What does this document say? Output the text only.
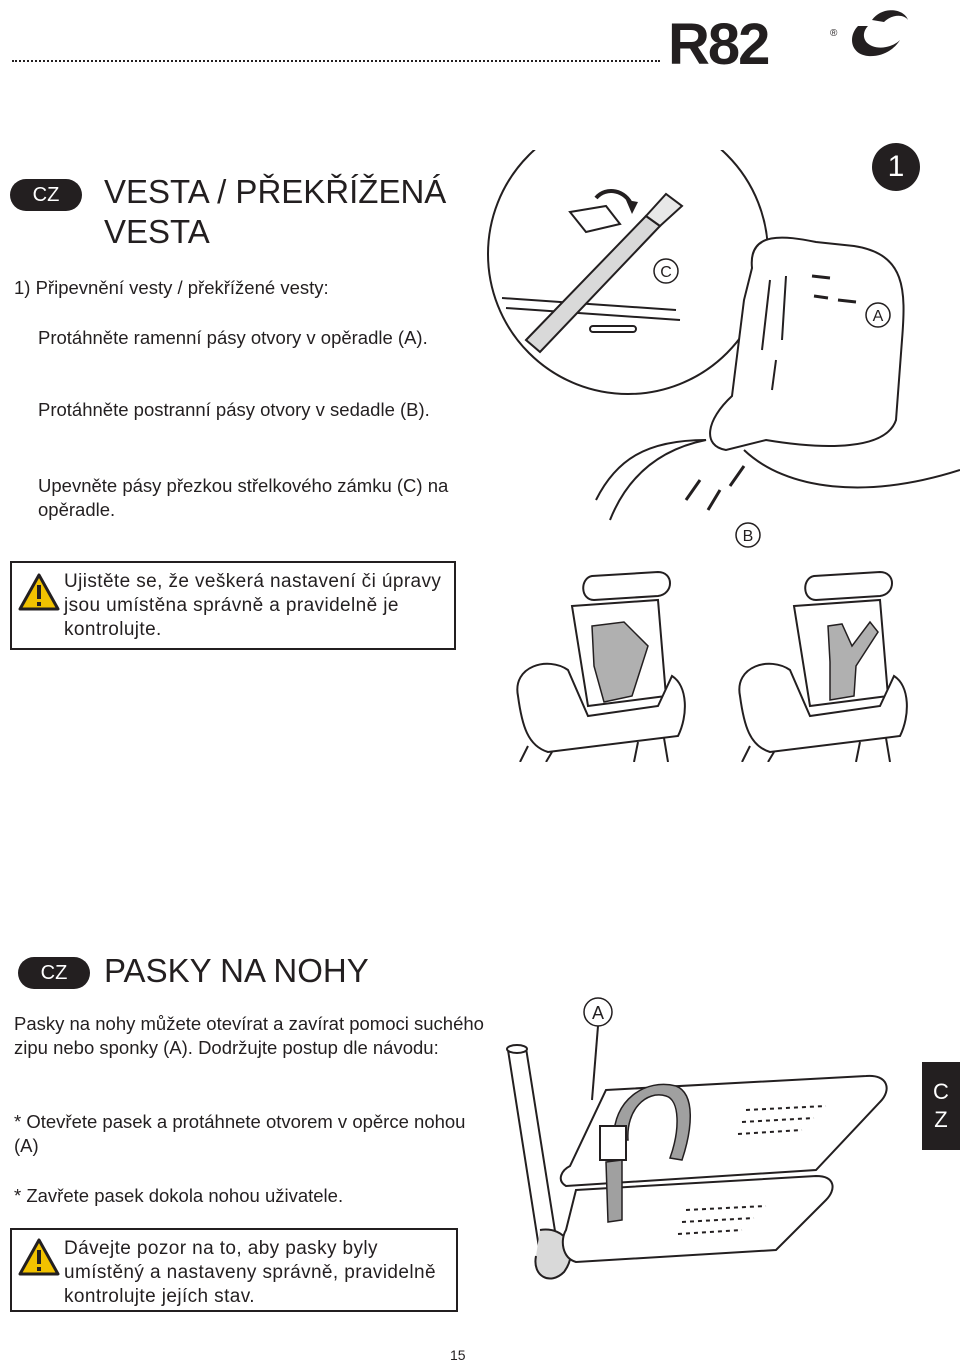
R82	®
1
CZ	VESTA / PŘEKŘÍŽENÁ VESTA
1) Připevnění vesty / překřížené vesty:
Protáhněte ramenní pásy otvory v opěradle (A).
Protáhněte postranní pásy otvory v sedadle (B).
Upevněte pásy přezkou střelkového zámku (C) na opěradle.
Ujistěte se, že veškerá nastavení či úpravy jsou umístěna správně a pravidelně je kontrolujte.
C
A
B
CZ	PASKY NA NOHY
Pasky na nohy můžete otevírat a zavírat pomoci suchého zipu nebo sponky (A). Dodržujte postup dle návodu:
* Otevřete pasek a protáhnete otvorem v opěrce nohou (A)
* Zavřete pasek dokola nohou uživatele.
Dávejte pozor na to, aby pasky byly umístěný a nastaveny správně, pravidelně kontrolujte jejích stav.
A
C
Z
15
